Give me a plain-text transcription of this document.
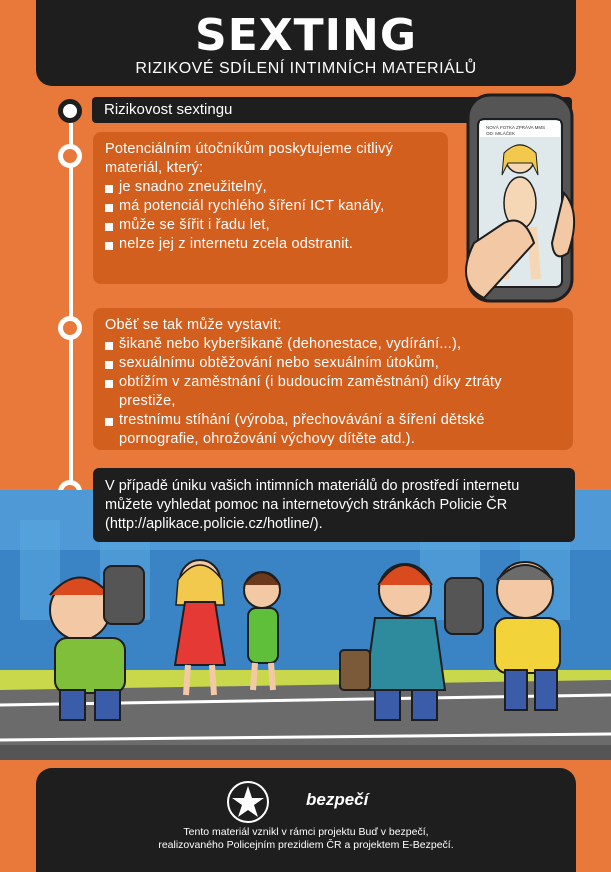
SEXTING
RIZIKOVÉ SDÍLENÍ INTIMNÍCH MATERIÁLŮ
Rizikovost sextingu
Potenciálním útočníkům poskytujeme citlivý materiál, který:
je snadno zneužitelný,
má potenciál rychlého šíření ICT kanály,
může se šířit i řadu let,
nelze jej z internetu zcela odstranit.
NOVÁ FOTKA ZPRÁVA MMS
OD: MILÁČEK
Oběť se tak může vystavit:
šikaně nebo kyberšikaně (dehonestace, vydírání...),
sexuálnímu obtěžování nebo sexuálním útokům,
obtížím v zaměstnání (i budoucím zaměstnání) díky ztráty prestiže,
trestnímu stíhání (výroba, přechovávání a šíření dětské pornografie, ohrožování výchovy dítěte atd.).
V případě úniku vašich intimních materiálů do prostředí internetu můžete vyhledat pomoc na internetových stránkách Policie ČR (http://aplikace.policie.cz/hotline/).
bezpečí
Tento materiál vznikl v rámci projektu Buď v bezpečí,
realizovaného Policejním prezidiem ČR a projektem E-Bezpečí.
